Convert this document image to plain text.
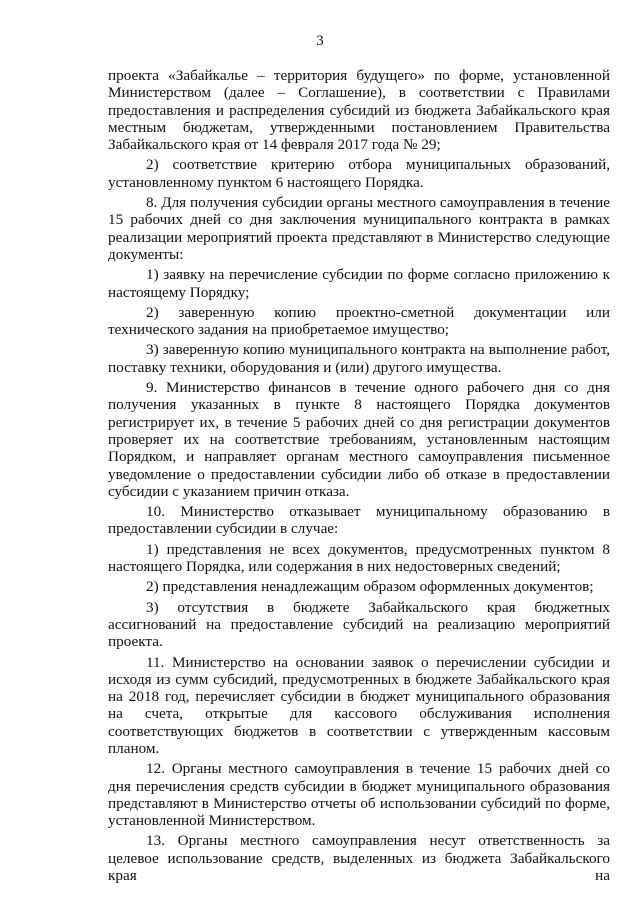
3

проекта «Забайкалье – территория будущего» по форме, установленной Министерством (далее – Соглашение), в соответствии с Правилами предоставления и распределения субсидий из бюджета Забайкальского края местным бюджетам, утвержденными постановлением Правительства Забайкальского края от 14 февраля 2017 года № 29;

2) соответствие критерию отбора муниципальных образований, установленному пунктом 6 настоящего Порядка.

8. Для получения субсидии органы местного самоуправления в течение 15 рабочих дней со дня заключения муниципального контракта в рамках реализации мероприятий проекта представляют в Министерство следующие документы:

1) заявку на перечисление субсидии по форме согласно приложению к настоящему Порядку;

2) заверенную копию проектно-сметной документации или технического задания на приобретаемое имущество;

3) заверенную копию муниципального контракта на выполнение работ, поставку техники, оборудования и (или) другого имущества.

9. Министерство финансов в течение одного рабочего дня со дня получения указанных в пункте 8 настоящего Порядка документов регистрирует их, в течение 5 рабочих дней со дня регистрации документов проверяет их на соответствие требованиям, установленным настоящим Порядком, и направляет органам местного самоуправления письменное уведомление о предоставлении субсидии либо об отказе в предоставлении субсидии с указанием причин отказа.

10. Министерство отказывает муниципальному образованию в предоставлении субсидии в случае:

1) представления не всех документов, предусмотренных пунктом 8 настоящего Порядка, или содержания в них недостоверных сведений;

2) представления ненадлежащим образом оформленных документов;

3) отсутствия в бюджете Забайкальского края бюджетных ассигнований на предоставление субсидий на реализацию мероприятий проекта.

11. Министерство на основании заявок о перечислении субсидии и исходя из сумм субсидий, предусмотренных в бюджете Забайкальского края на 2018 год, перечисляет субсидии в бюджет муниципального образования на счета, открытые для кассового обслуживания исполнения соответствующих бюджетов в соответствии с утвержденным кассовым планом.

12. Органы местного самоуправления в течение 15 рабочих дней со дня перечисления средств субсидии в бюджет муниципального образования представляют в Министерство отчеты об использовании субсидий по форме, установленной Министерством.

13. Органы местного самоуправления несут ответственность за целевое использование средств, выделенных из бюджета Забайкальского края на
